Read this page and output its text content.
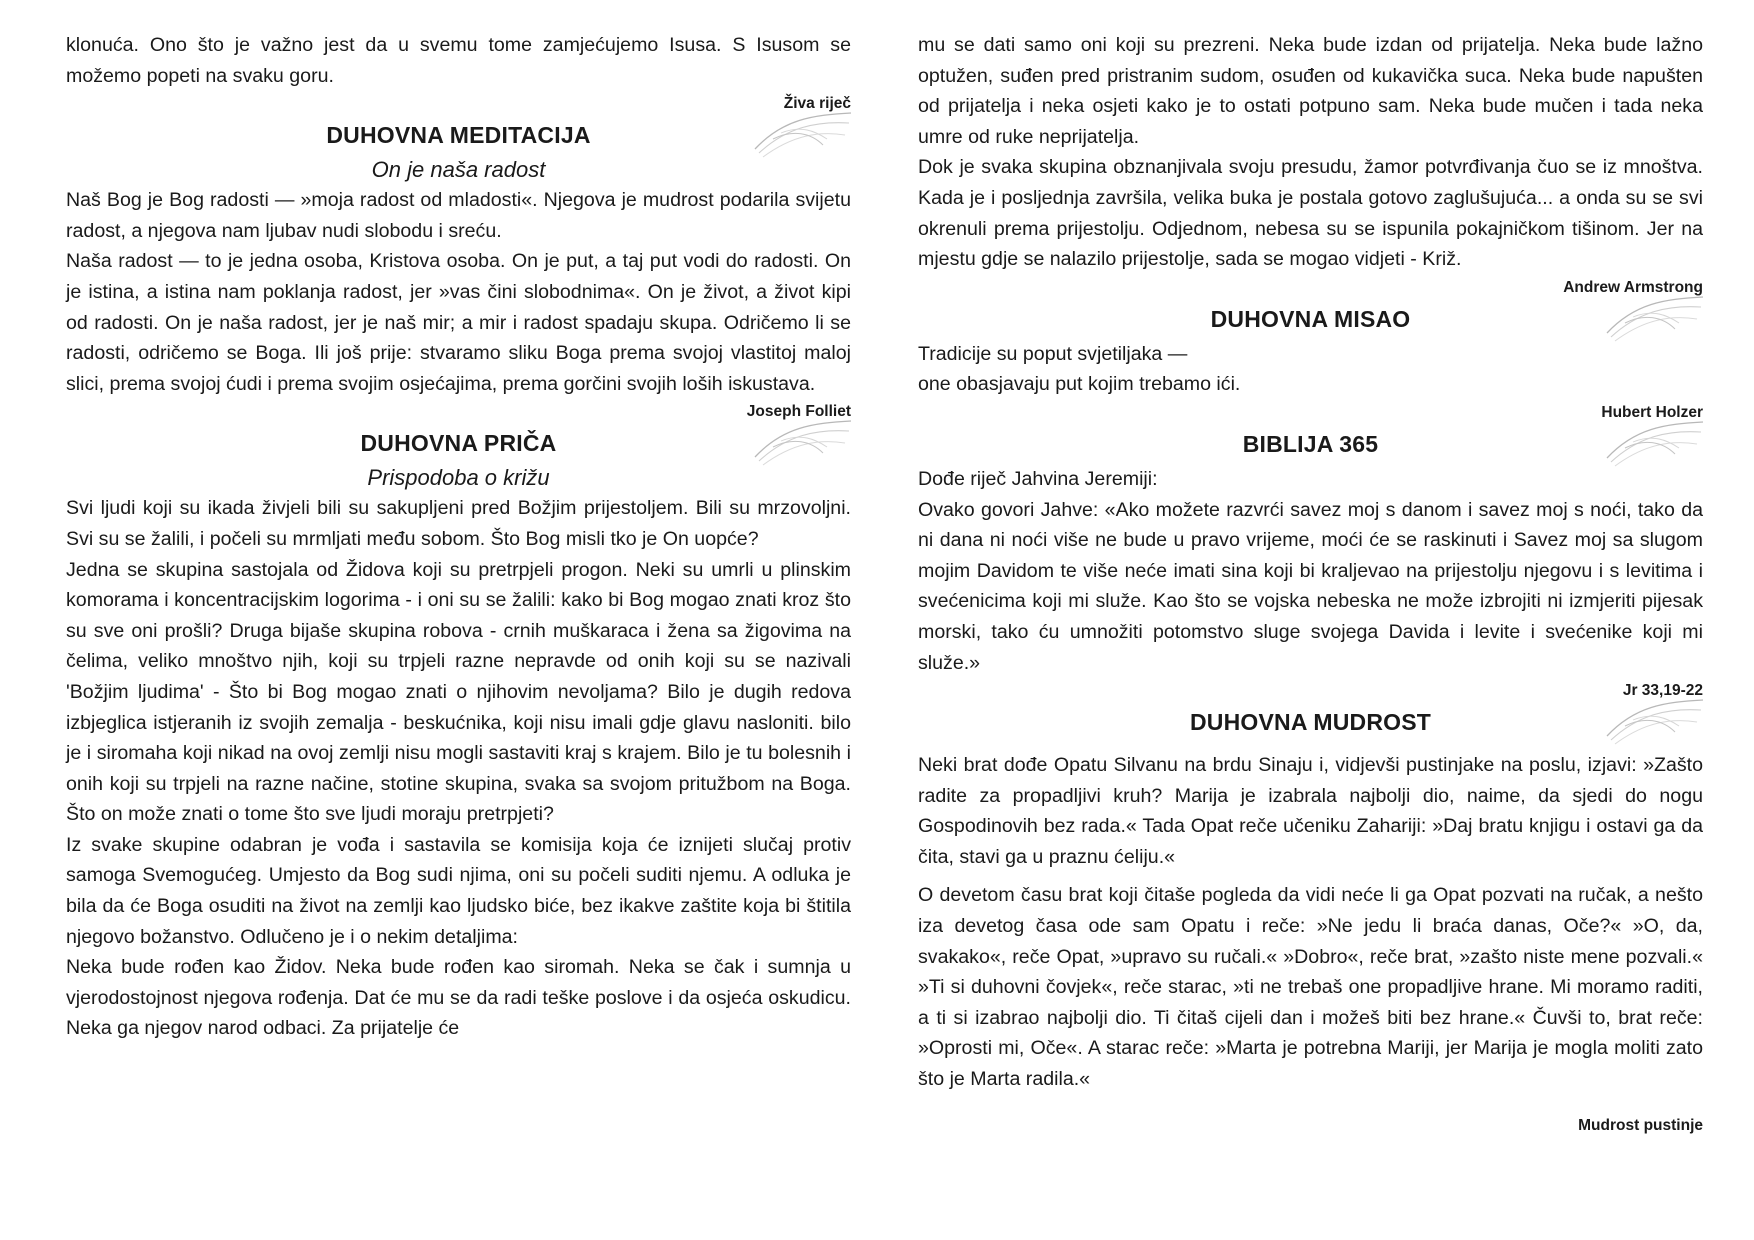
klonuća. Ono što je važno jest da u svemu tome zamjećujemo Isusa. S Isusom se možemo popeti na svaku goru.

Živa riječ
DUHOVNA MEDITACIJA
On je naša radost

Naš Bog je Bog radosti — »moja radost od mladosti«. Njegova je mudrost podarila svijetu radost, a njegova nam ljubav nudi slobodu i sreću.

Naša radost — to je jedna osoba, Kristova osoba. On je put, a taj put vodi do radosti. On je istina, a istina nam poklanja radost, jer »vas čini slobodnima«. On je život, a život kipi od radosti. On je naša radost, jer je naš mir; a mir i radost spadaju skupa. Odričemo li se radosti, odričemo se Boga. Ili još prije: stvaramo sliku Boga prema svojoj vlastitoj maloj slici, prema svojoj ćudi i prema svojim osjećajima, prema gorčini svojih loših iskustava.

Joseph Folliet
DUHOVNA PRIČA
Prispodoba o križu

Svi ljudi koji su ikada živjeli bili su sakupljeni pred Božjim prijestoljem. Bili su mrzovoljni. Svi su se žalili, i počeli su mrmljati među sobom. Što Bog misli tko je On uopće?

Jedna se skupina sastojala od Židova koji su pretrpjeli progon. Neki su umrli u plinskim komorama i koncentracijskim logorima - i oni su se žalili: kako bi Bog mogao znati kroz što su sve oni prošli? Druga bijaše skupina robova - crnih muškaraca i žena sa žigovima na čelima, veliko mnoštvo njih, koji su trpjeli razne nepravde od onih koji su se nazivali 'Božjim ljudima' - Što bi Bog mogao znati o njihovim nevoljama? Bilo je dugih redova izbjeglica istjeranih iz svojih zemalja - beskućnika, koji nisu imali gdje glavu nasloniti. bilo je i siromaha koji nikad na ovoj zemlji nisu mogli sastaviti kraj s krajem. Bilo je tu bolesnih i onih koji su trpjeli na razne načine, stotine skupina, svaka sa svojom pritužbom na Boga. Što on može znati o tome što sve ljudi moraju pretrpjeti?

Iz svake skupine odabran je vođa i sastavila se komisija koja će iznijeti slučaj protiv samoga Svemogućeg. Umjesto da Bog sudi njima, oni su počeli suditi njemu. A odluka je bila da će Boga osuditi na život na zemlji kao ljudsko biće, bez ikakve zaštite koja bi štitila njegovo božanstvo. Odlučeno je i o nekim detaljima:

Neka bude rođen kao Židov. Neka bude rođen kao siromah. Neka se čak i sumnja u vjerodostojnost njegova rođenja. Dat će mu se da radi teške poslove i da osjeća oskudicu. Neka ga njegov narod odbaci. Za prijatelje će

mu se dati samo oni koji su prezreni. Neka bude izdan od prijatelja. Neka bude lažno optužen, suđen pred pristranim sudom, osuđen od kukavička suca. Neka bude napušten od prijatelja i neka osjeti kako je to ostati potpuno sam. Neka bude mučen i tada neka umre od ruke neprijatelja.

Dok je svaka skupina obznanjivala svoju presudu, žamor potvrđivanja čuo se iz mnoštva. Kada je i posljednja završila, velika buka je postala gotovo zaglušujuća... a onda su se svi okrenuli prema prijestolju. Odjednom, nebesa su se ispunila pokajničkom tišinom. Jer na mjestu gdje se nalazilo prijestolje, sada se mogao vidjeti - Križ.

Andrew Armstrong
DUHOVNA MISAO

Tradicije su poput svjetiljaka —

one obasjavaju put kojim trebamo ići.

Hubert Holzer
BIBLIJA 365

Dođe riječ Jahvina Jeremiji:

Ovako govori Jahve: «Ako možete razvrći savez moj s danom i savez moj s noći, tako da ni dana ni noći više ne bude u pravo vrijeme, moći će se raskinuti i Savez moj sa slugom mojim Davidom te više neće imati sina koji bi kraljevao na prijestolju njegovu i s levitima i svećenicima koji mi služe. Kao što se vojska nebeska ne može izbrojiti ni izmjeriti pijesak morski, tako ću umnožiti potomstvo sluge svojega Davida i levite i svećenike koji mi služe.»

Jr 33,19-22
DUHOVNA MUDROST

Neki brat dođe Opatu Silvanu na brdu Sinaju i, vidjevši pustinjake na poslu, izjavi: »Zašto radite za propadljivi kruh? Marija je izabrala najbolji dio, naime, da sjedi do nogu Gospodinovih bez rada.« Tada Opat reče učeniku Zahariji: »Daj bratu knjigu i ostavi ga da čita, stavi ga u praznu ćeliju.«

O devetom času brat koji čitaše pogleda da vidi neće li ga Opat pozvati na ručak, a nešto iza devetog časa ode sam Opatu i reče: »Ne jedu li braća danas, Oče?« »O, da, svakako«, reče Opat, »upravo su ručali.« »Dobro«, reče brat, »zašto niste mene pozvali.« »Ti si duhovni čovjek«, reče starac, »ti ne trebaš one propadljive hrane. Mi moramo raditi, a ti si izabrao najbolji dio. Ti čitaš cijeli dan i možeš biti bez hrane.« Čuvši to, brat reče: »Oprosti mi, Oče«. A starac reče: »Marta je potrebna Mariji, jer Marija je mogla moliti zato što je Marta radila.«

Mudrost pustinje
